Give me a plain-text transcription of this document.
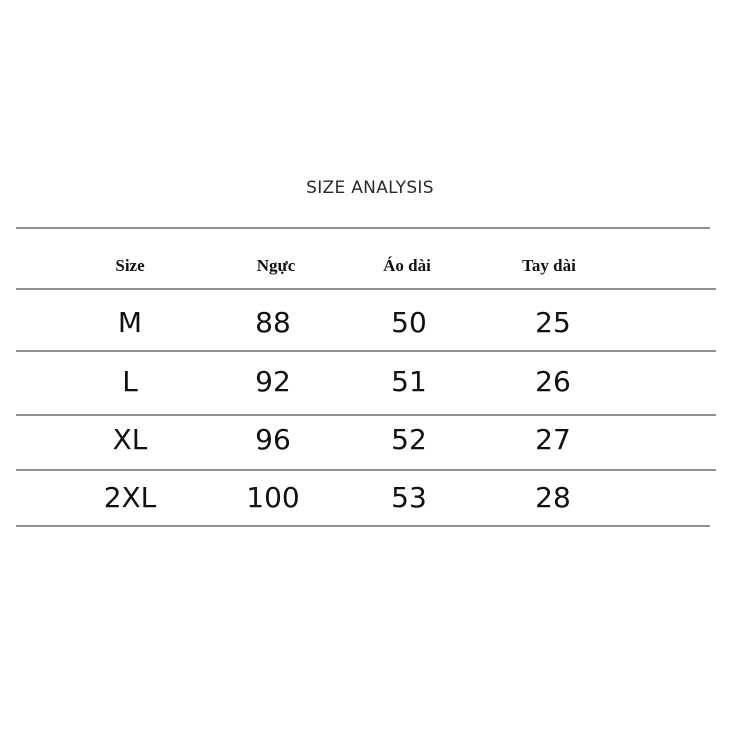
SIZE ANALYSIS
Size	Ngực	Áo dài	Tay dài
M	88	50	25
L	92	51	26
XL	96	52	27
2XL	100	53	28
